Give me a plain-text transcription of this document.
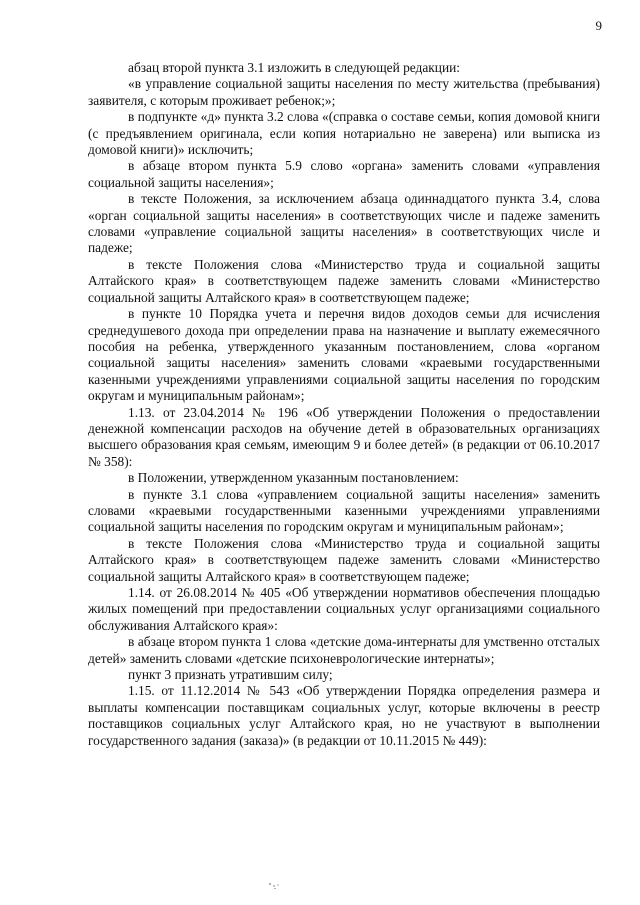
9

абзац второй пункта 3.1 изложить в следующей редакции:

«в управление социальной защиты населения по месту жительства (пребывания) заявителя, с которым проживает ребенок;»;

в подпункте «д» пункта 3.2 слова «(справка о составе семьи, копия домовой книги (с предъявлением оригинала, если копия нотариально не заверена) или выписка из домовой книги)» исключить;

в абзаце втором пункта 5.9 слово «органа» заменить словами «управления социальной защиты населения»;

в тексте Положения, за исключением абзаца одиннадцатого пункта 3.4, слова «орган социальной защиты населения» в соответствующих числе и падеже заменить словами «управление социальной защиты населения» в соответствующих числе и падеже;

в тексте Положения слова «Министерство труда и социальной защиты Алтайского края» в соответствующем падеже заменить словами «Министерство социальной защиты Алтайского края» в соответствующем падеже;

в пункте 10 Порядка учета и перечня видов доходов семьи для исчисления среднедушевого дохода при определении права на назначение и выплату ежемесячного пособия на ребенка, утвержденного указанным постановлением, слова «органом социальной защиты населения» заменить словами «краевыми государственными казенными учреждениями управлениями социальной защиты населения по городским округам и муниципальным районам»;

1.13. от 23.04.2014 № 196 «Об утверждении Положения о предоставлении денежной компенсации расходов на обучение детей в образовательных организациях высшего образования края семьям, имеющим 9 и более детей» (в редакции от 06.10.2017 № 358):

в Положении, утвержденном указанным постановлением:

в пункте 3.1 слова «управлением социальной защиты населения» заменить словами «краевыми государственными казенными учреждениями управлениями социальной защиты населения по городским округам и муниципальным районам»;

в тексте Положения слова «Министерство труда и социальной защиты Алтайского края» в соответствующем падеже заменить словами «Министерство социальной защиты Алтайского края» в соответствующем падеже;

1.14. от 26.08.2014 № 405 «Об утверждении нормативов обеспечения площадью жилых помещений при предоставлении социальных услуг организациями социального обслуживания Алтайского края»:

в абзаце втором пункта 1 слова «детские дома-интернаты для умственно отсталых детей» заменить словами «детские психоневрологические интернаты»;

пункт 3 признать утратившим силу;

1.15. от 11.12.2014 № 543 «Об утверждении Порядка определения размера и выплаты компенсации поставщикам социальных услуг, которые включены в реестр поставщиков социальных услуг Алтайского края, но не участвуют в выполнении государственного задания (заказа)» (в редакции от 10.11.2015 № 449):
